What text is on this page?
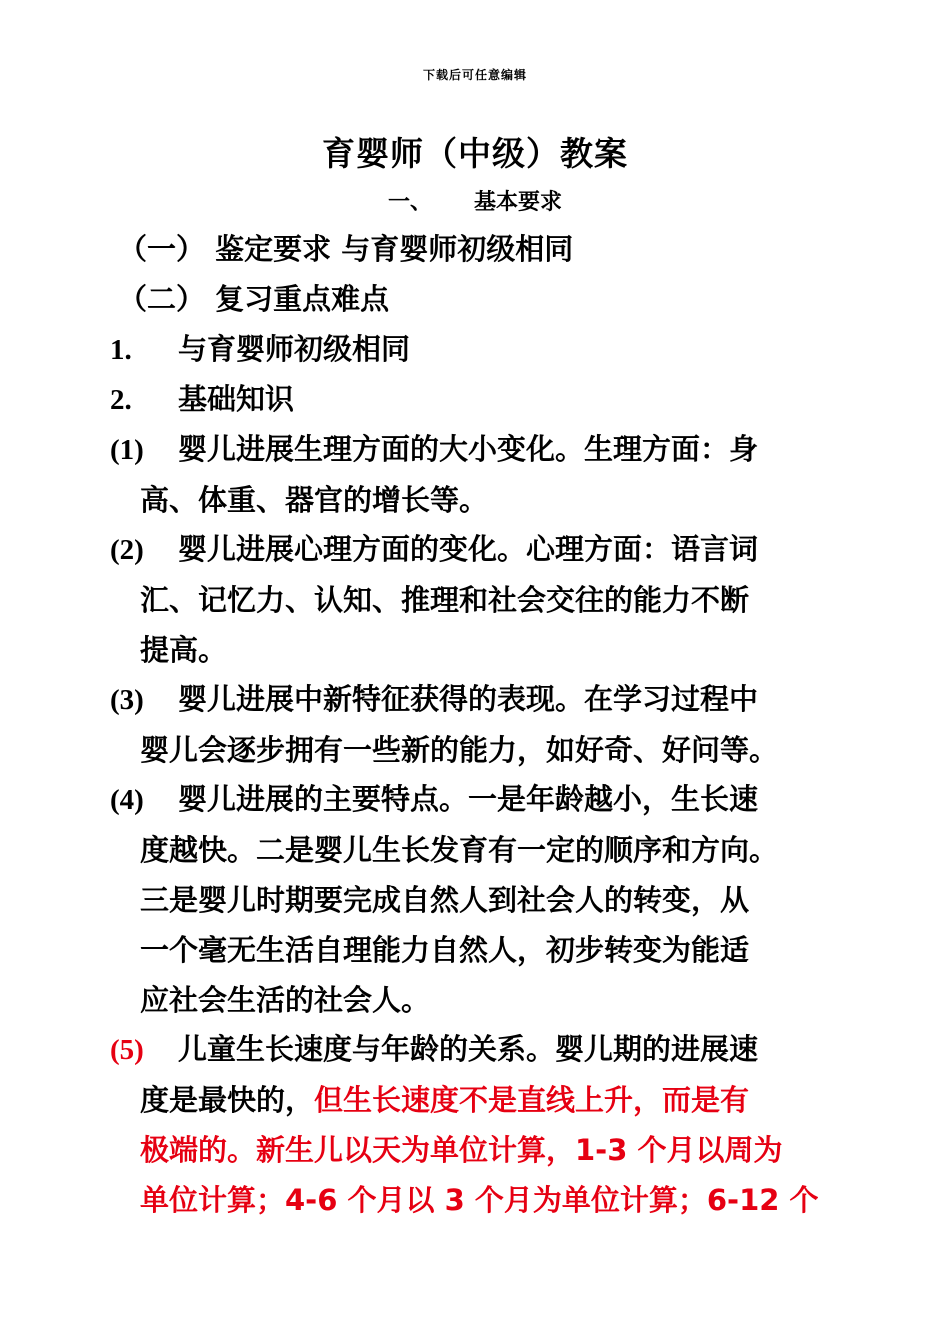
下载后可任意编辑
育婴师（中级）教案
一、 基本要求
（一） 鉴定要求 与育婴师初级相同
（二） 复习重点难点
1. 与育婴师初级相同
2. 基础知识
(1) 婴儿进展生理方面的大小变化。生理方面：身
高、体重、器官的增长等。
(2) 婴儿进展心理方面的变化。心理方面：语言词
汇、记忆力、认知、推理和社会交往的能力不断
提高。
(3) 婴儿进展中新特征获得的表现。在学习过程中
婴儿会逐步拥有一些新的能力，如好奇、好问等。
(4) 婴儿进展的主要特点。一是年龄越小，生长速
度越快。二是婴儿生长发育有一定的顺序和方向。
三是婴儿时期要完成自然人到社会人的转变，从
一个毫无生活自理能力自然人，初步转变为能适
应社会生活的社会人。
(5) 儿童生长速度与年龄的关系。婴儿期的进展速
度是最快的，但生长速度不是直线上升，而是有
极端的。新生儿以天为单位计算，1-3 个月以周为
单位计算；4-6 个月以 3 个月为单位计算；6-12 个
